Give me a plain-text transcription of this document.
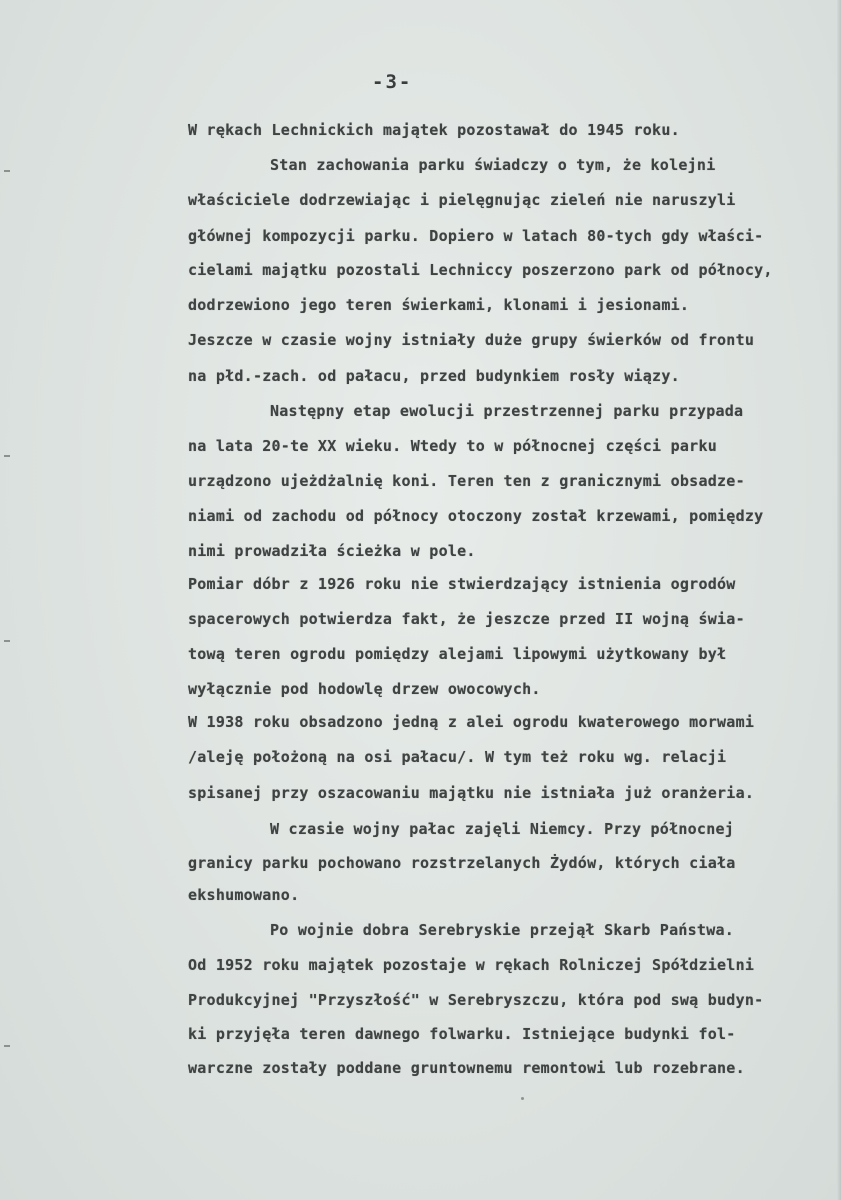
-3-
W rękach Lechnickich majątek pozostawał do 1945 roku.
Stan zachowania parku świadczy o tym, że kolejni
właściciele dodrzewiając i pielęgnując zieleń nie naruszyli
głównej kompozycji parku. Dopiero w latach 80-tych gdy właści-
cielami majątku pozostali Lechniccy poszerzono park od północy,
dodrzewiono jego teren świerkami, klonami i jesionami.
Jeszcze w czasie wojny istniały duże grupy świerków od frontu
na płd.-zach. od pałacu, przed budynkiem rosły wiązy.
Następny etap ewolucji przestrzennej parku przypada
na lata 20-te XX wieku. Wtedy to w północnej części parku
urządzono ujeżdżalnię koni. Teren ten z granicznymi obsadze-
niami od zachodu od północy otoczony został krzewami, pomiędzy
nimi prowadziła ścieżka w pole.
Pomiar dóbr z 1926 roku nie stwierdzający istnienia ogrodów
spacerowych potwierdza fakt, że jeszcze przed II wojną świa-
tową teren ogrodu pomiędzy alejami lipowymi użytkowany był
wyłącznie pod hodowlę drzew owocowych.
W 1938 roku obsadzono jedną z alei ogrodu kwaterowego morwami
/aleję położoną na osi pałacu/. W tym też roku wg. relacji
spisanej przy oszacowaniu majątku nie istniała już oranżeria.
W czasie wojny pałac zajęli Niemcy. Przy północnej
granicy parku pochowano rozstrzelanych Żydów, których ciała
ekshumowano.
Po wojnie dobra Serebryskie przejął Skarb Państwa.
Od 1952 roku majątek pozostaje w rękach Rolniczej Spółdzielni
Produkcyjnej "Przyszłość" w Serebryszczu, która pod swą budyn-
ki przyjęła teren dawnego folwarku. Istniejące budynki fol-
warczne zostały poddane gruntownemu remontowi lub rozebrane.
